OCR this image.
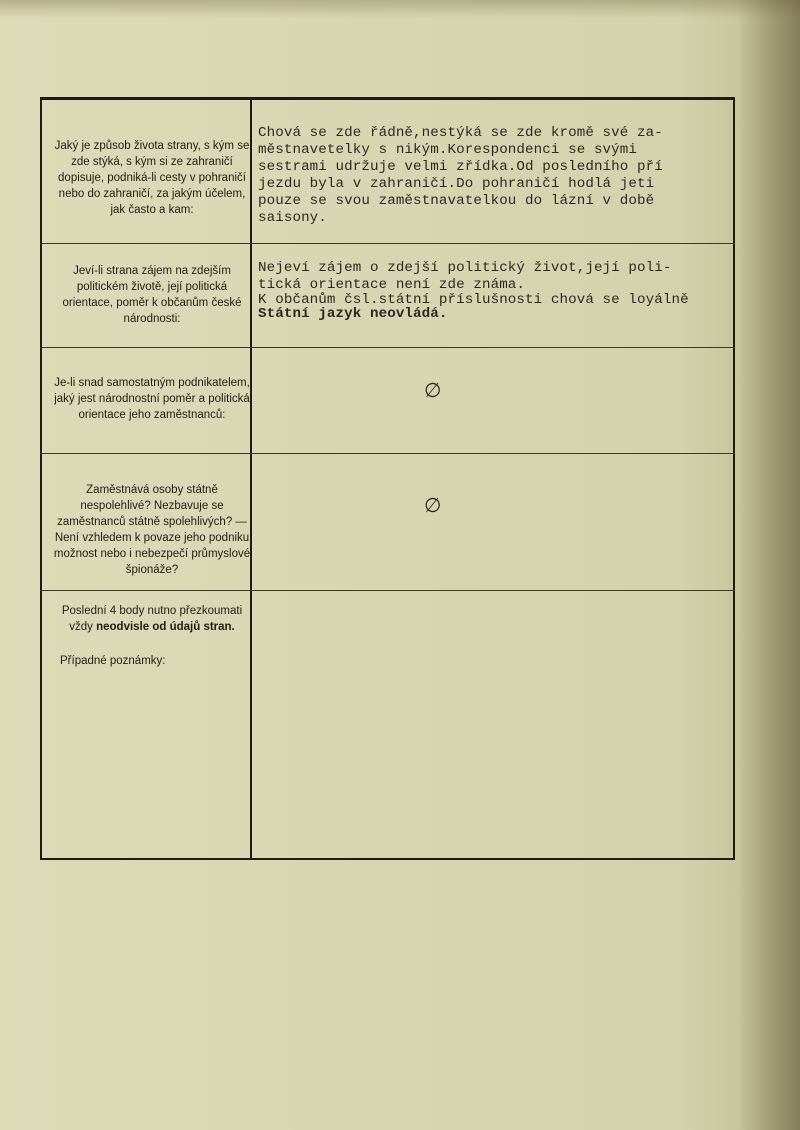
Jaký je způsob života strany, s kým se zde stýká, s kým si ze zahraničí dopisuje, podniká-li cesty v pohraničí nebo do zahraničí, za jakým účelem, jak často a kam:
Chová se zde řádně,nestýká se zde kromě své za-
městnavetelky s nikým.Korespondenci se svými
sestrami udržuje velmi zřídka.Od posledního pří
jezdu byla v zahraničí.Do pohraničí hodlá jeti
pouze se svou zaměstnavatelkou do lázní v době
saisony.
Jeví-li strana zájem na zdejším politickém životě, její politická orientace, poměr k občanům české národnosti:
Nejeví zájem o zdejší politický život,její poli-
tická orientace není zde známa.
K občanům čsl.státní příslušnosti chová se loyálně
Státní jazyk neovládá.
Je-li snad samostatným podnikatelem, jaký jest národnostní poměr a politická orientace jeho zaměstnanců:
∅
Zaměstnává osoby státně nespolehlivé? Nezbavuje se zaměstnanců státně spolehlivých? — Není vzhledem k povaze jeho podniku možnost nebo i nebezpečí průmyslové špionáže?
∅
Poslední 4 body nutno přezkoumati vždy neodvisle od údajů stran.
Případné poznámky:
